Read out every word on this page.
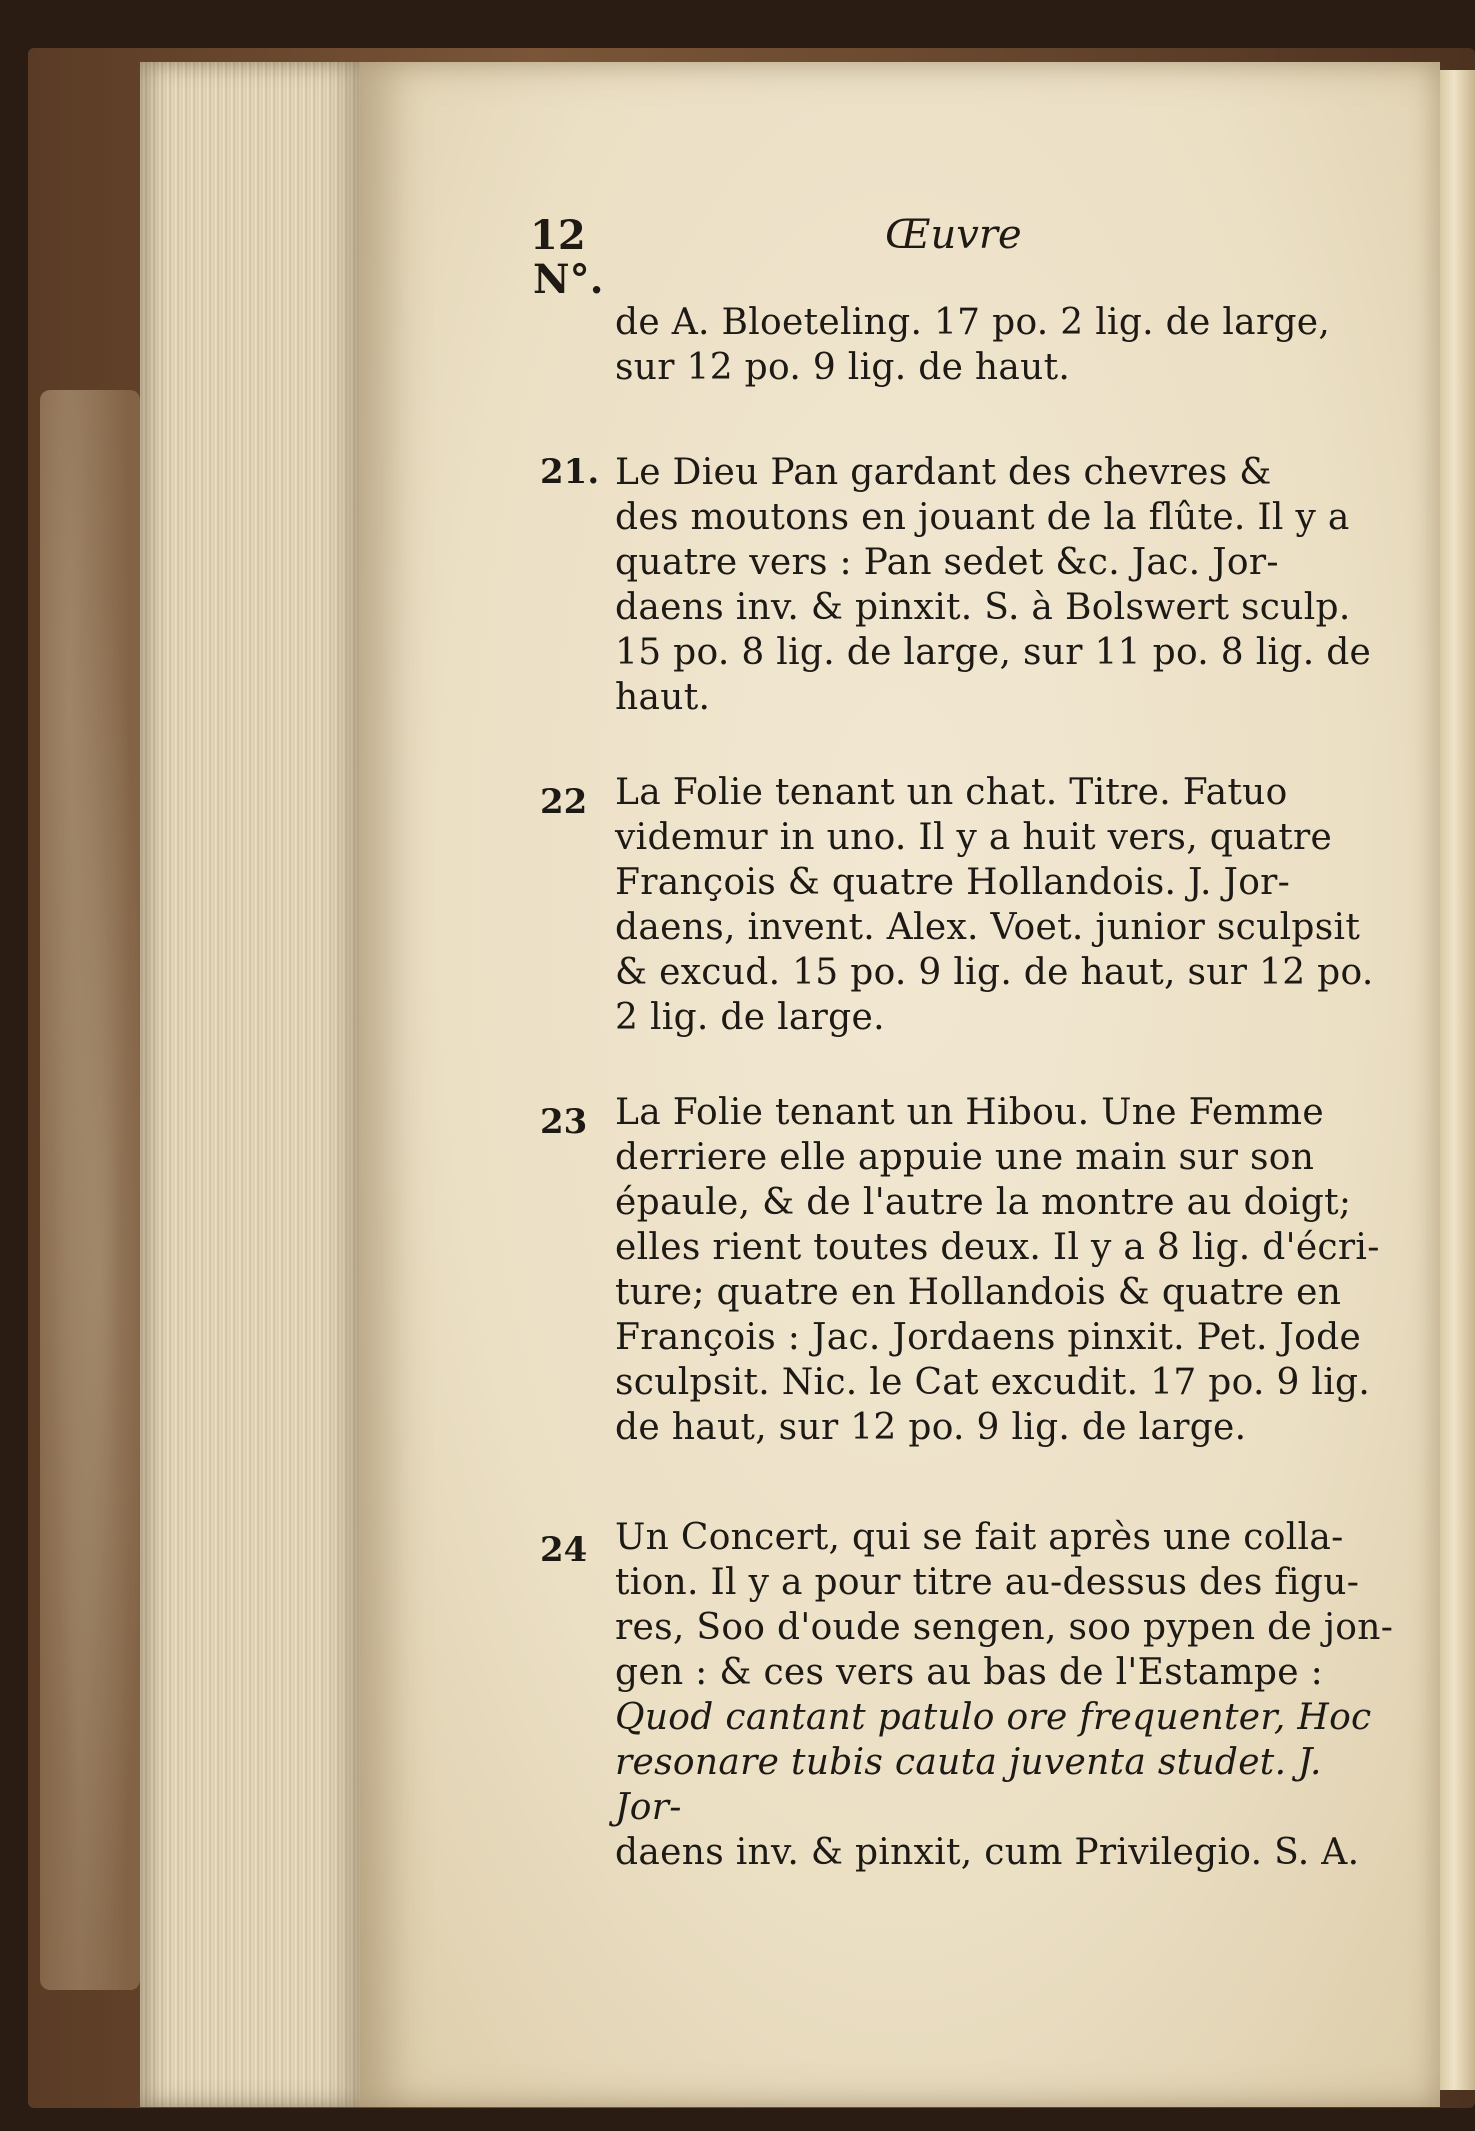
12	Œuvre
N°.
de A. Bloeteling. 17 po. 2 lig. de large,
sur 12 po. 9 lig. de haut.
21. Le Dieu Pan gardant des chevres &
des moutons en jouant de la flûte. Il y a
quatre vers : Pan sedet &c. Jac. Jor-
daens inv. & pinxit. S. à Bolswert sculp.
15 po. 8 lig. de large, sur 11 po. 8 lig. de
haut.
22 La Folie tenant un chat. Titre. Fatuo
videmur in uno. Il y a huit vers, quatre
François & quatre Hollandois. J. Jor-
daens, invent. Alex. Voet. junior sculpsit
& excud. 15 po. 9 lig. de haut, sur 12 po.
2 lig. de large.
23 La Folie tenant un Hibou. Une Femme
derriere elle appuie une main sur son
épaule, & de l'autre la montre au doigt;
elles rient toutes deux. Il y a 8 lig. d'écri-
ture; quatre en Hollandois & quatre en
François : Jac. Jordaens pinxit. Pet. Jode
sculpsit. Nic. le Cat excudit. 17 po. 9 lig.
de haut, sur 12 po. 9 lig. de large.
24 Un Concert, qui se fait après une colla-
tion. Il y a pour titre au-dessus des figu-
res, Soo d'oude sengen, soo pypen de jon-
gen : & ces vers au bas de l'Estampe :
Quod cantant patulo ore frequenter, Hoc
resonare tubis cauta juventa studet. J. Jor-
daens inv. & pinxit, cum Privilegio. S. A.
